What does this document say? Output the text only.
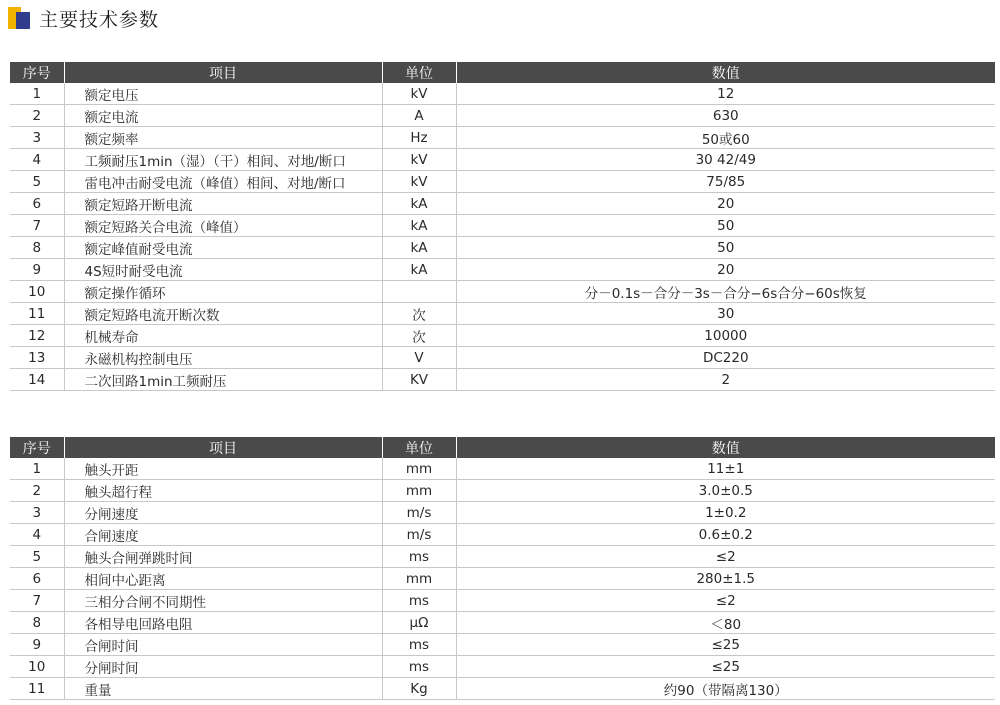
主要技术参数
序号	项目	单位	数值
1	额定电压	kV	12
2	额定电流	A	630
3	额定频率	Hz	50或60
4	工频耐压1min（湿）（干）相间、对地/断口	kV	30 42/49
5	雷电冲击耐受电流（峰值）相间、对地/断口	kV	75/85
6	额定短路开断电流	kA	20
7	额定短路关合电流（峰值）	kA	50
8	额定峰值耐受电流	kA	50
9	4S短时耐受电流	kA	20
10	额定操作循环		分－0.1s－合分－3s－合分−6s合分−60s恢复
11	额定短路电流开断次数	次	30
12	机械寿命	次	10000
13	永磁机构控制电压	V	DC220
14	二次回路1min工频耐压	KV	2
序号	项目	单位	数值
1	触头开距	mm	11±1
2	触头超行程	mm	3.0±0.5
3	分闸速度	m/s	1±0.2
4	合闸速度	m/s	0.6±0.2
5	触头合闸弹跳时间	ms	≤2
6	相间中心距离	mm	280±1.5
7	三相分合闸不同期性	ms	≤2
8	各相导电回路电阻	μΩ	＜80
9	合闸时间	ms	≤25
10	分闸时间	ms	≤25
11	重量	Kg	约90（带隔离130）
